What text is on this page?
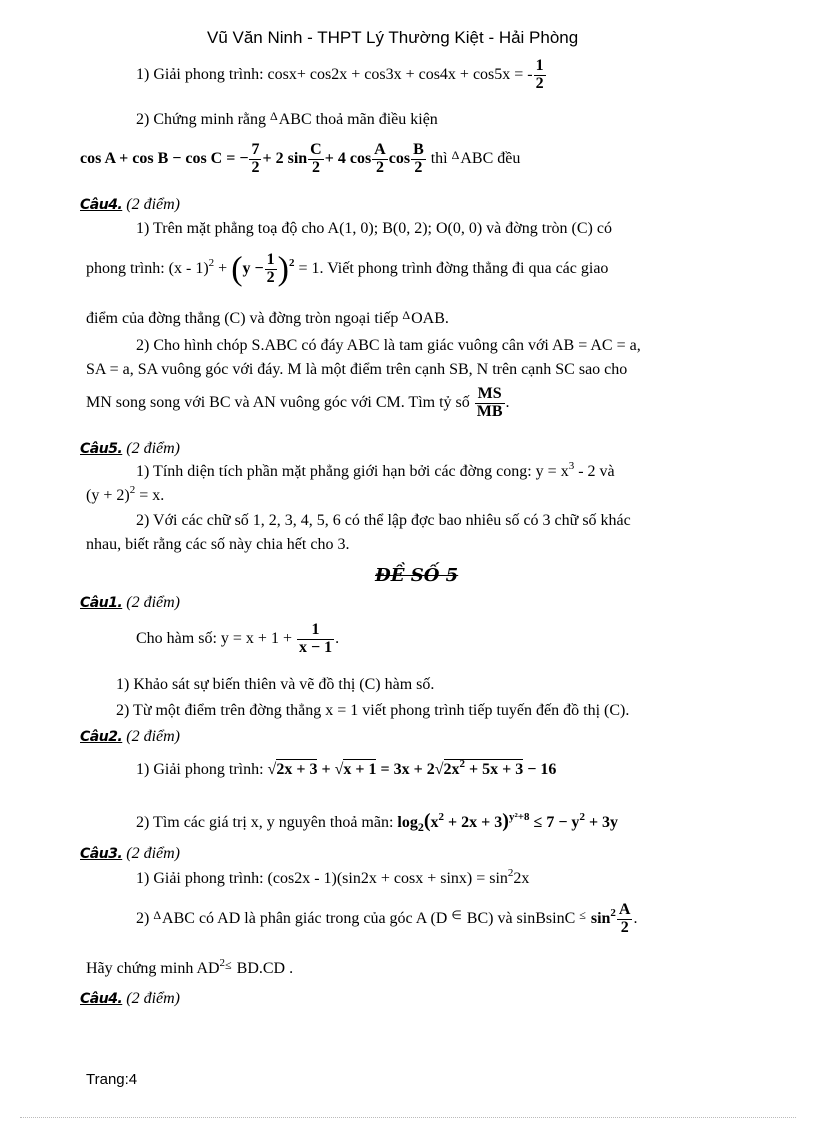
Vũ Văn Ninh - THPT Lý Thường Kiệt - Hải Phòng
1) Giải phong trình: cosx+ cos2x + cos3x + cos4x + cos5x = - $\frac{1}{2}$
2) Chứng minh rằng $^\Delta$ABC thoả mãn điều kiện
cos A + cos B − cos C = − $\frac{7}{2} + 2$ $\sin \frac{C}{2} + 4$ $\cos \frac{A}{2}$ $\cos \frac{B}{2}$ thì $^\Delta$ABC đều
Câu4. (2 điểm)
1) Trên mặt phẳng toạ độ cho A(1, 0); B(0, 2); O(0, 0) và đờng tròn (C) có
phong trình: $(x - 1)^2 + (y - \frac{1}{2} )^2 = 1$. Viết phong trình đờng thẳng đi qua các giao
điểm của đờng thẳng (C) và đờng tròn ngoại tiếp $^\Delta$OAB.
2) Cho hình chóp S.ABC có đáy ABC là tam giác vuông cân với AB = AC = a,
SA = a, SA vuông góc với đáy. M là một điểm trên cạnh SB, N trên cạnh SC sao cho
MN song song với BC và AN vuông góc với CM. Tìm tỷ số $\frac{MS}{MB}$ .
Câu5. (2 điểm)
1) Tính diện tích phần mặt phẳng giới hạn bởi các đờng cong: $y = x^3 - 2$ và
$(y + 2)^2 = x$.
2) Với các chữ số 1, 2, 3, 4, 5, 6 có thể lập đợc bao nhiêu số có 3 chữ số khác
nhau, biết rằng các số này chia hết cho 3.
ĐỀ SỐ 5
Câu1. (2 điểm)
Cho hàm số: $y = x + 1 + \frac{1}{x - 1}$ .
1) Khảo sát sự biến thiên và vẽ đồ thị (C) hàm số.
2) Từ một điểm trên đờng thẳng x = 1 viết phong trình tiếp tuyến đến đồ thị (C).
Câu2. (2 điểm)
1) Giải phong trình: $√2x + 3 + √x + 1 = 3x + 2√2x^2 + 5x + 3 - 16$
2) Tìm các giá trị x, y nguyên thoả mãn: $\log_2(x^2 + 2x + 3)^{y^2+8} \le 7 - y^2 + 3y$
Câu3. (2 điểm)
1) Giải phong trình: $(\cos 2x - 1)(\sin 2x + \cos x + \sin x) = \sin^22x$
2) $^\Delta$ABC có AD là phân giác trong của góc A (D ∈ BC) và sinBsinC ≤ $\sin^2 \frac{A}{2}$ .
Hãy chứng minh $AD^{2\le}$ BD.CD .
Câu4. (2 điểm)
Trang:4
